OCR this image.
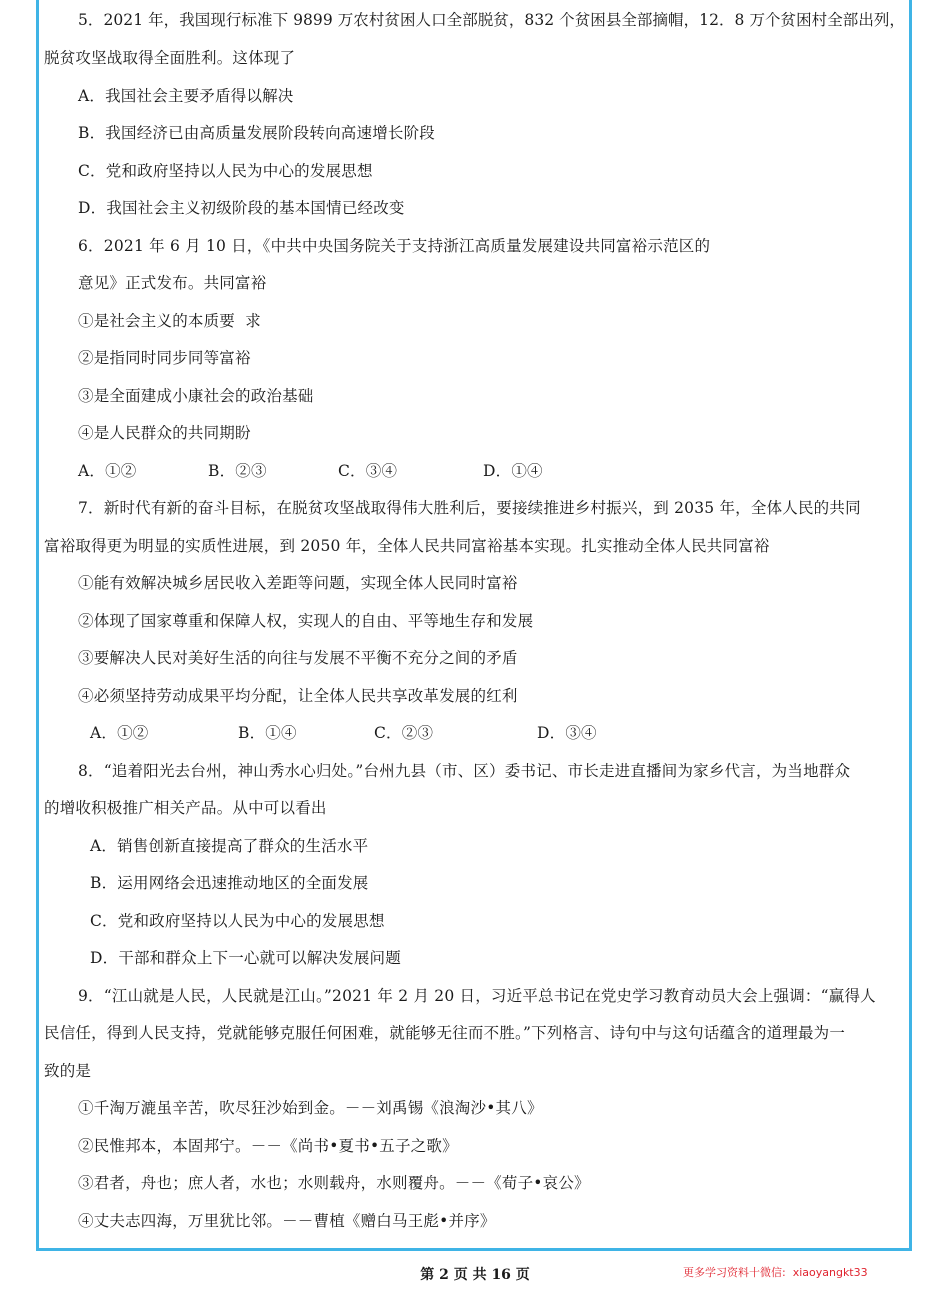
5．2021 年，我国现行标准下 9899 万农村贫困人口全部脱贫，832 个贫困县全部摘帽，12．8 万个贫困村全部出列，
脱贫攻坚战取得全面胜利。这体现了
A．我国社会主要矛盾得以解决
B．我国经济已由高质量发展阶段转向高速增长阶段
C．党和政府坚持以人民为中心的发展思想
D．我国社会主义初级阶段的基本国情已经改变
6．2021 年 6 月 10 日，《中共中央国务院关于支持浙江高质量发展建设共同富裕示范区的
意见》正式发布。共同富裕
①是社会主义的本质要  求
②是指同时同步同等富裕
③是全面建成小康社会的政治基础
④是人民群众的共同期盼
A．①②	B．②③	C．③④	D．①④
7．新时代有新的奋斗目标，在脱贫攻坚战取得伟大胜利后，要接续推进乡村振兴，到 2035 年，全体人民的共同
富裕取得更为明显的实质性进展，到 2050 年，全体人民共同富裕基本实现。扎实推动全体人民共同富裕
①能有效解决城乡居民收入差距等问题，实现全体人民同时富裕
②体现了国家尊重和保障人权，实现人的自由、平等地生存和发展
③要解决人民对美好生活的向往与发展不平衡不充分之间的矛盾
④必须坚持劳动成果平均分配，让全体人民共享改革发展的红利
A．①②	B．①④	C．②③	D．③④
8．“追着阳光去台州，神山秀水心归处。”台州九县（市、区）委书记、市长走进直播间为家乡代言，为当地群众
的增收积极推广相关产品。从中可以看出
A．销售创新直接提高了群众的生活水平
B．运用网络会迅速推动地区的全面发展
C．党和政府坚持以人民为中心的发展思想
D．干部和群众上下一心就可以解决发展问题
9．“江山就是人民，人民就是江山。”2021 年 2 月 20 日，习近平总书记在党史学习教育动员大会上强调：“赢得人
民信任，得到人民支持，党就能够克服任何困难，就能够无往而不胜。”下列格言、诗句中与这句话蕴含的道理最为一
致的是
①千淘万漉虽辛苦，吹尽狂沙始到金。－－刘禹锡《浪淘沙•其八》
②民惟邦本，本固邦宁。－－《尚书•夏书•五子之歌》
③君者，舟也；庶人者，水也；水则载舟，水则覆舟。－－《荀子•哀公》
④丈夫志四海，万里犹比邻。－－曹植《赠白马王彪•并序》
第 2 页 共 16 页	更多学习资料十微信:  xiaoyangkt33
